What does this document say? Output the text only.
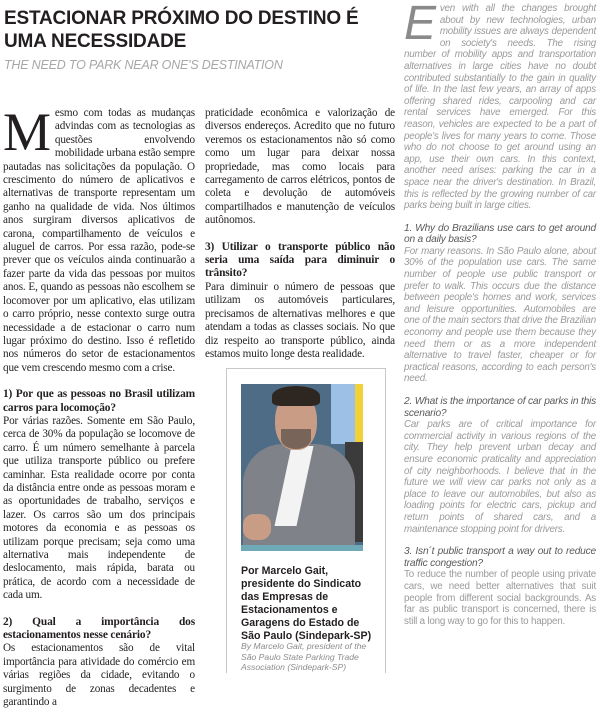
ESTACIONAR PRÓXIMO DO DESTINO É UMA NECESSIDADE
THE NEED TO PARK NEAR ONE'S DESTINATION

Mesmo com todas as mudanças advindas com as tecnologias as questões envolvendo mobilidade urbana estão sempre pautadas nas solicitações da população. O crescimento do número de aplicativos e alternativas de transporte representam um ganho na qualidade de vida. Nos últimos anos surgiram diversos aplicativos de carona, compartilhamento de veículos e aluguel de carros. Por essa razão, pode-se prever que os veículos ainda continuarão a fazer parte da vida das pessoas por muitos anos. E, quando as pessoas não escolhem se locomover por um aplicativo, elas utilizam o carro próprio, nesse contexto surge outra necessidade a de estacionar o carro num lugar próximo do destino. Isso é refletido nos números do setor de estacionamentos que vem crescendo mesmo com a crise.

1) Por que as pessoas no Brasil utilizam carros para locomoção?

Por várias razões. Somente em São Paulo, cerca de 30% da população se locomove de carro. É um número semelhante à parcela que utiliza transporte público ou prefere caminhar. Esta realidade ocorre por conta da distância entre onde as pessoas moram e as oportunidades de trabalho, serviços e lazer. Os carros são um dos principais motores da economia e as pessoas os utilizam porque precisam; seja como uma alternativa mais independente de deslocamento, mais rápida, barata ou prática, de acordo com a necessidade de cada um.

2) Qual a importância dos estacionamentos nesse cenário?

Os estacionamentos são de vital importância para atividade do comércio em várias regiões da cidade, evitando o surgimento de zonas decadentes e garantindo a

praticidade econômica e valorização de diversos endereços. Acredito que no futuro veremos os estacionamentos não só como como um lugar para deixar nossa propriedade, mas como locais para carregamento de carros elétricos, pontos de coleta e devolução de automóveis compartilhados e manutenção de veículos autônomos.

3) Utilizar o transporte público não seria uma saída para diminuir o trânsito?

Para diminuir o número de pessoas que utilizam os automóveis particulares, precisamos de alternativas melhores e que atendam a todas as classes sociais. No que diz respeito ao transporte público, ainda estamos muito longe desta realidade.

Por Marcelo Gait, presidente do Sindicato das Empresas de Estacionamentos e Garagens do Estado de São Paulo (Sindepark-SP)
By Marcelo Gait, president of the São Paulo State Parking Trade Association (Sindepark-SP)

Even with all the changes brought about by new technologies, urban mobility issues are always dependent on society's needs. The rising number of mobility apps and transportation alternatives in large cities have no doubt contributed substantially to the gain in quality of life. In the last few years, an array of apps offering shared rides, carpooling and car rental services have emerged. For this reason, vehicles are expected to be a part of people's lives for many years to come. Those who do not choose to get around using an app, use their own cars. In this context, another need arises: parking the car in a space near the driver's destination. In Brazil, this is reflected by the growing number of car parks being built in large cities.

1. Why do Brazilians use cars to get around on a daily basis?

For many reasons. In São Paulo alone, about 30% of the population use cars. The same number of people use public transport or prefer to walk. This occurs due the distance between people's homes and work, services and leisure opportunities. Automobiles are one of the main sectors that drive the Brazilian economy and people use them because they need them or as a more independent alternative to travel faster, cheaper or for practical reasons, according to each person's need.

2. What is the importance of car parks in this scenario?

Car parks are of critical importance for commercial activity in various regions of the city. They help prevent urban decay and ensure economic praticality and appreciation of city neighborhoods. I believe that in the future we will view car parks not only as a place to leave our automobiles, but also as loading points for electric cars, pickup and return points of shared cars, and a maintenance stopping point for drivers.

3. Isn´t public transport a way out to reduce traffic congestion?

To reduce the number of people using private cars, we need better alternatives that suit people from different social backgrounds. As far as public transport is concerned, there is still a long way to go for this to happen.
